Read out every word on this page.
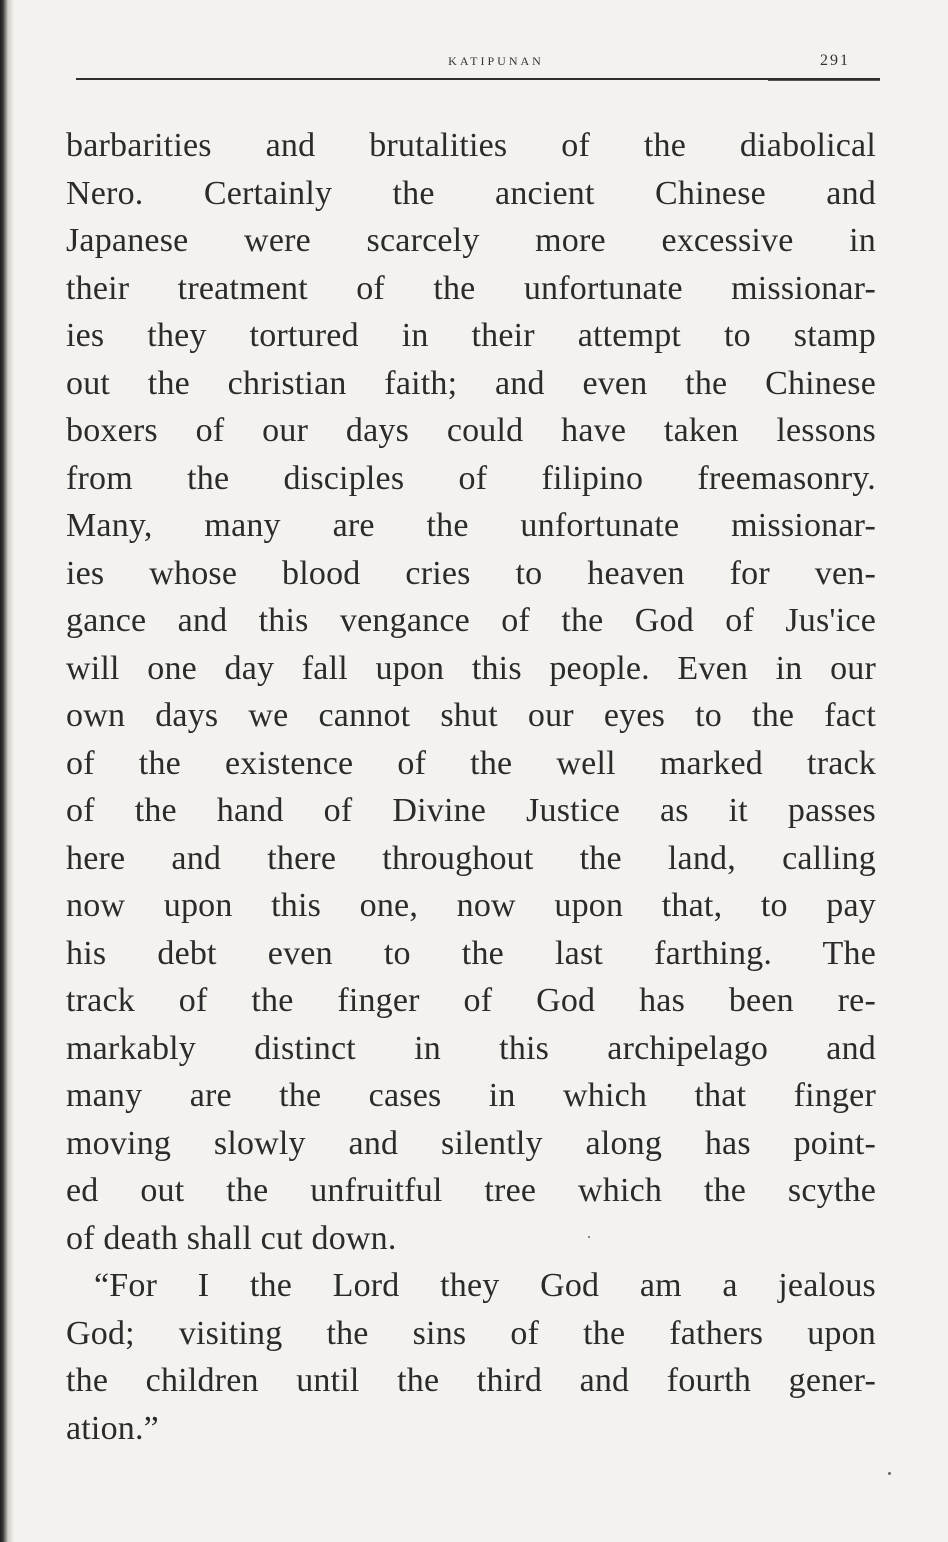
KATIPUNAN	291
barbarities and brutalities of the diabolical
Nero. Certainly the ancient Chinese and
Japanese were scarcely more excessive in
their treatment of the unfortunate missionar-
ies they tortured in their attempt to stamp
out the christian faith; and even the Chinese
boxers of our days could have taken lessons
from the disciples of filipino freemasonry.
Many, many are the unfortunate missionar-
ies whose blood cries to heaven for ven-
gance and this vengance of the God of Jus'ice
will one day fall upon this people. Even in our
own days we cannot shut our eyes to the fact
of the existence of the well marked track
of the hand of Divine Justice as it passes
here and there throughout the land, calling
now upon this one, now upon that, to pay
his debt even to the last farthing. The
track of the finger of God has been re-
markably distinct in this archipelago and
many are the cases in which that finger
moving slowly and silently along has point-
ed out the unfruitful tree which the scythe
of death shall cut down.
“For I the Lord they God am a jealous
God; visiting the sins of the fathers upon
the children until the third and fourth gener-
ation.”
